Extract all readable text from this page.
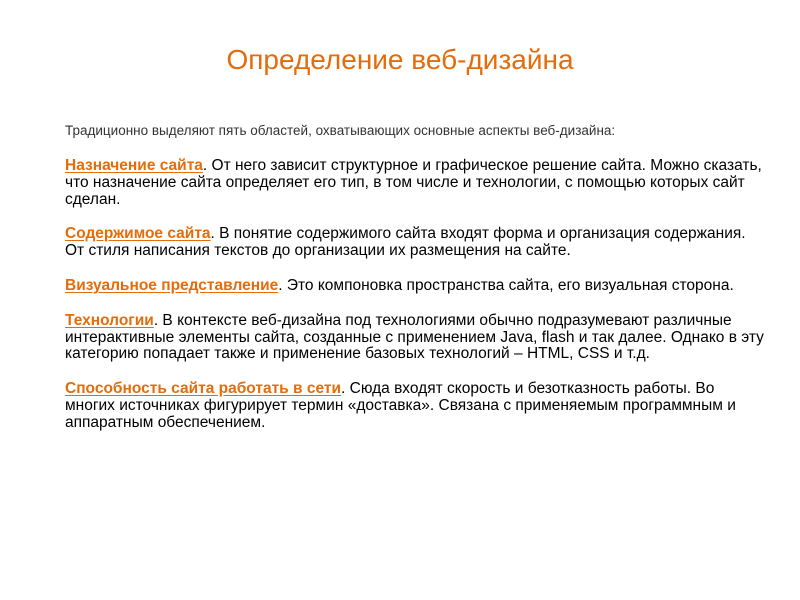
Определение веб-дизайна

Традиционно выделяют пять областей, охватывающих основные аспекты веб-дизайна:

Назначение сайта. От него зависит структурное и графическое решение сайта. Можно сказать, что назначение сайта определяет его тип, в том числе и технологии, с помощью которых сайт сделан.

Содержимое сайта. В понятие содержимого сайта входят форма и организация содержания. От стиля написания текстов до организации их размещения на сайте.

Визуальное представление. Это компоновка пространства сайта, его визуальная сторона.

Технологии. В контексте веб-дизайна под технологиями обычно подразумевают различные интерактивные элементы сайта, созданные с применением Java, flash и так далее. Однако в эту категорию попадает также и применение базовых технологий – HTML, CSS и т.д.

Способность сайта работать в сети. Сюда входят скорость и безотказность работы. Во многих источниках фигурирует термин «доставка». Связана с применяемым программным и аппаратным обеспечением.
